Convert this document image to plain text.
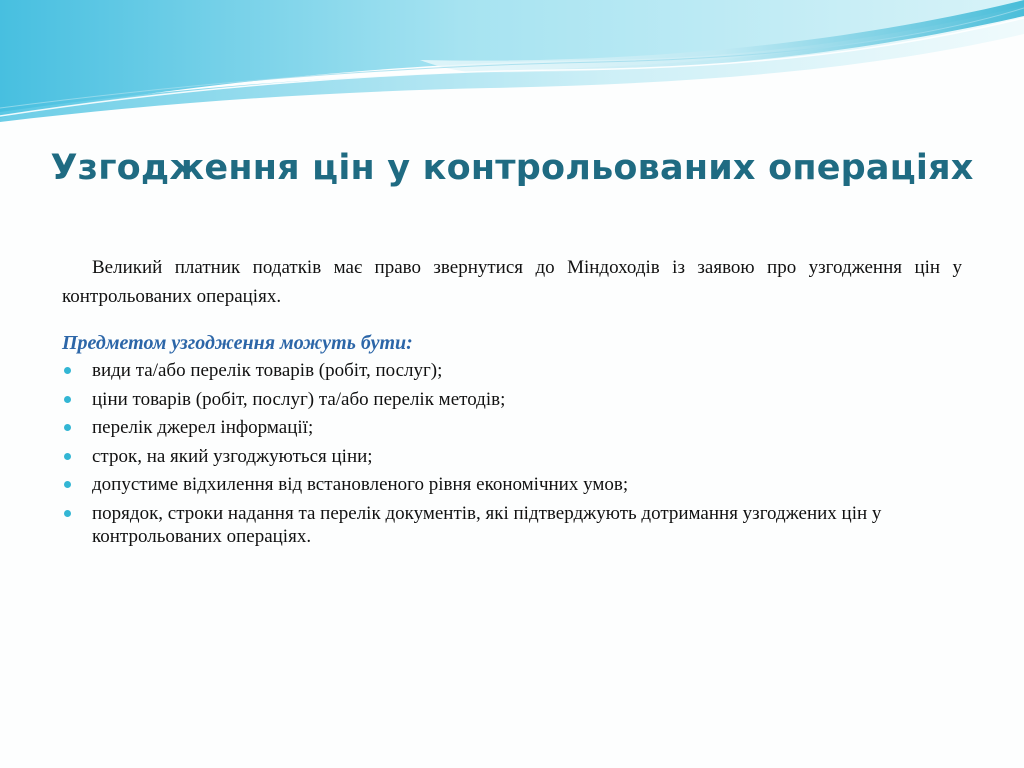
Узгодження цін у контрольованих операціях

Великий платник податків має право звернутися до Міндоходів із заявою про узгодження цін у контрольованих операціях.

Предметом узгодження можуть бути:
види та/або перелік товарів (робіт, послуг);
ціни товарів (робіт, послуг) та/або перелік методів;
перелік джерел інформації;
строк, на який узгоджуються ціни;
допустиме відхилення від встановленого рівня економічних умов;
порядок, строки надання та перелік документів, які підтверджують дотримання узгоджених цін у контрольованих операціях.
